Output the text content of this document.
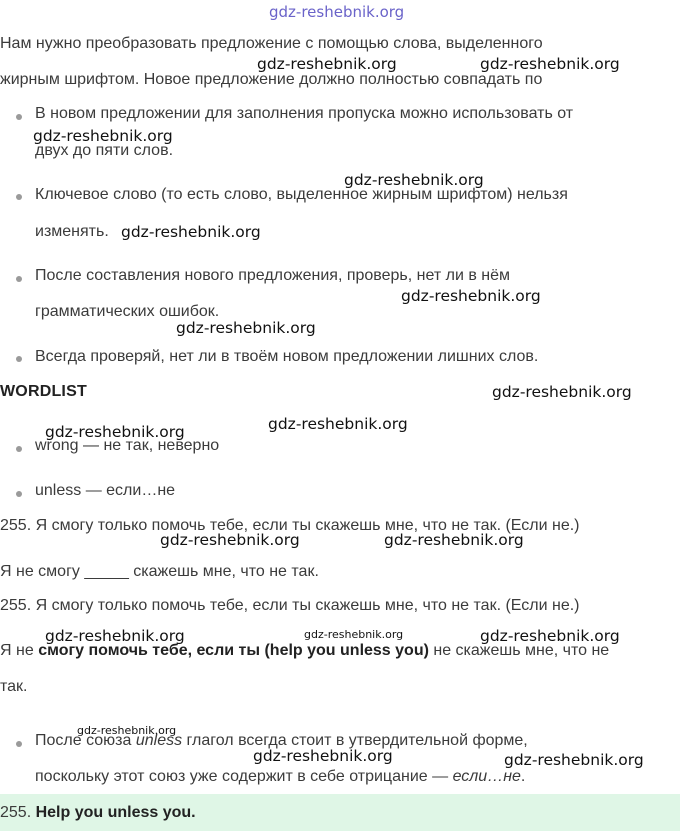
gdz-reshebnik.org
Нам нужно преобразовать предложение с помощью слова, выделенного
жирным шрифтом. Новое предложение должно полностью совпадать по
В новом предложении для заполнения пропуска можно использовать от
двух до пяти слов.
Ключевое слово (то есть слово, выделенное жирным шрифтом) нельзя
изменять.
После составления нового предложения, проверь, нет ли в нём
грамматических ошибок.
Всегда проверяй, нет ли в твоём новом предложении лишних слов.
WORDLIST
wrong — не так, неверно
unless — если…не
255. Я смогу только помочь тебе, если ты скажешь мне, что не так. (Если не.)
Я не смогу _____ скажешь мне, что не так.
255. Я смогу только помочь тебе, если ты скажешь мне, что не так. (Если не.)
Я не смогу помочь тебе, если ты (help you unless you) не скажешь мне, что не
так.
После союза unless глагол всегда стоит в утвердительной форме,
поскольку этот союз уже содержит в себе отрицание — если…не.
255. Help you unless you.
gdz-reshebnik.org	gdz-reshebnik.org
gdz-reshebnik.org
gdz-reshebnik.org
gdz-reshebnik.org
gdz-reshebnik.org
gdz-reshebnik.org
gdz-reshebnik.org
gdz-reshebnik.org
gdz-reshebnik.org
gdz-reshebnik.org	gdz-reshebnik.org
gdz-reshebnik.org	gdz-reshebnik.org	gdz-reshebnik.org
gdz-reshebnik.org
gdz-reshebnik.org	gdz-reshebnik.org
